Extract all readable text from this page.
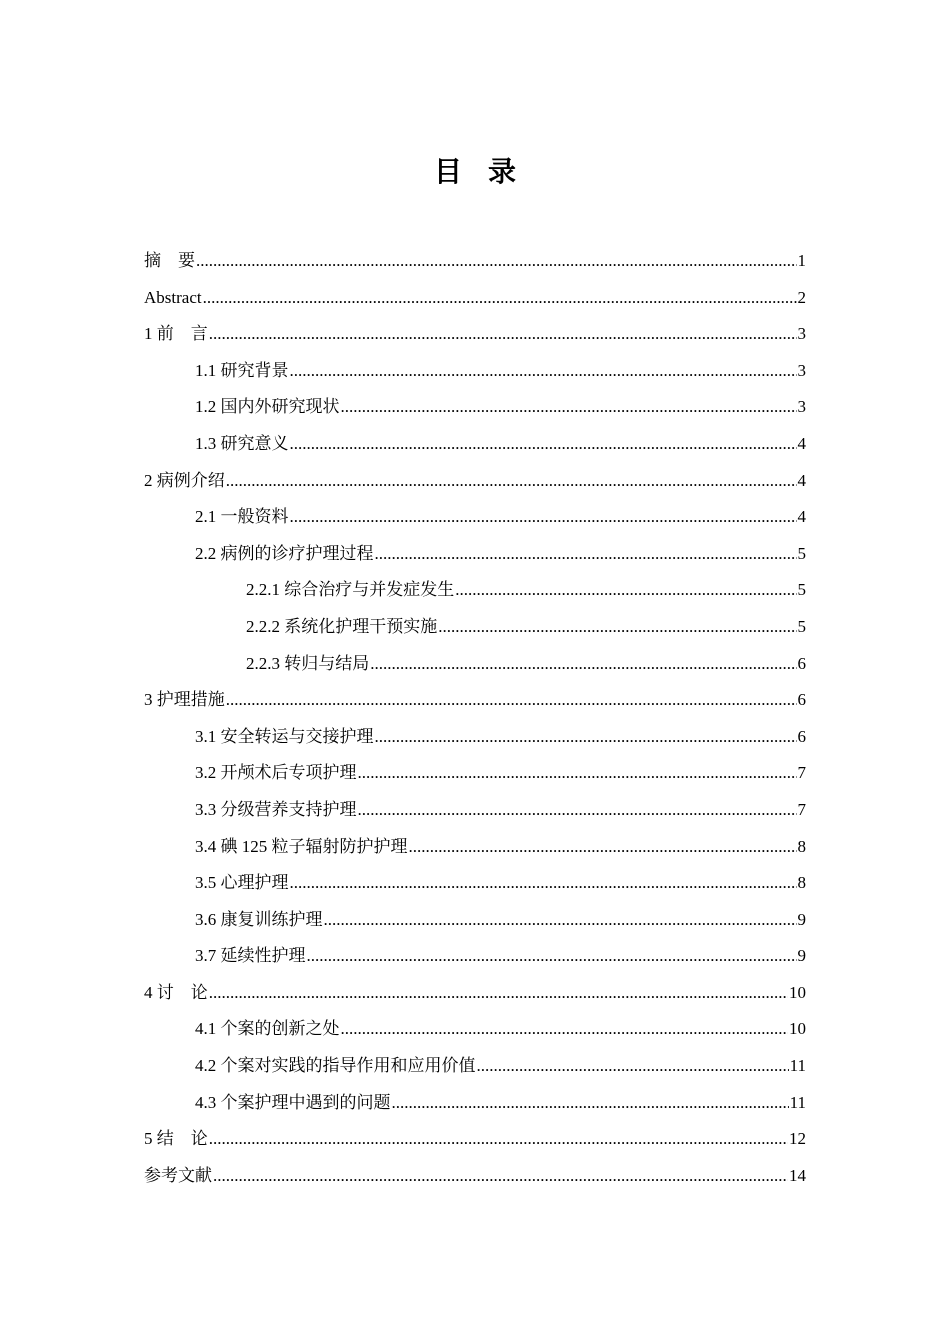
目录
摘　要 .....	1
Abstract .....	2
1 前　言 .....	3
1.1 研究背景 .....	3
1.2 国内外研究现状 .....	3
1.3 研究意义 .....	4
2 病例介绍 .....	4
2.1 一般资料 .....	4
2.2 病例的诊疗护理过程 .....	5
2.2.1 综合治疗与并发症发生 .....	5
2.2.2 系统化护理干预实施 .....	5
2.2.3 转归与结局 .....	6
3 护理措施 .....	6
3.1 安全转运与交接护理 .....	6
3.2 开颅术后专项护理 .....	7
3.3 分级营养支持护理 .....	7
3.4 碘 125 粒子辐射防护护理 .....	8
3.5 心理护理 .....	8
3.6 康复训练护理 .....	9
3.7 延续性护理 .....	9
4 讨　论 .....	10
4.1 个案的创新之处 .....	10
4.2 个案对实践的指导作用和应用价值 .....	11
4.3 个案护理中遇到的问题 .....	11
5 结　论 .....	12
参考文献 .....	14
